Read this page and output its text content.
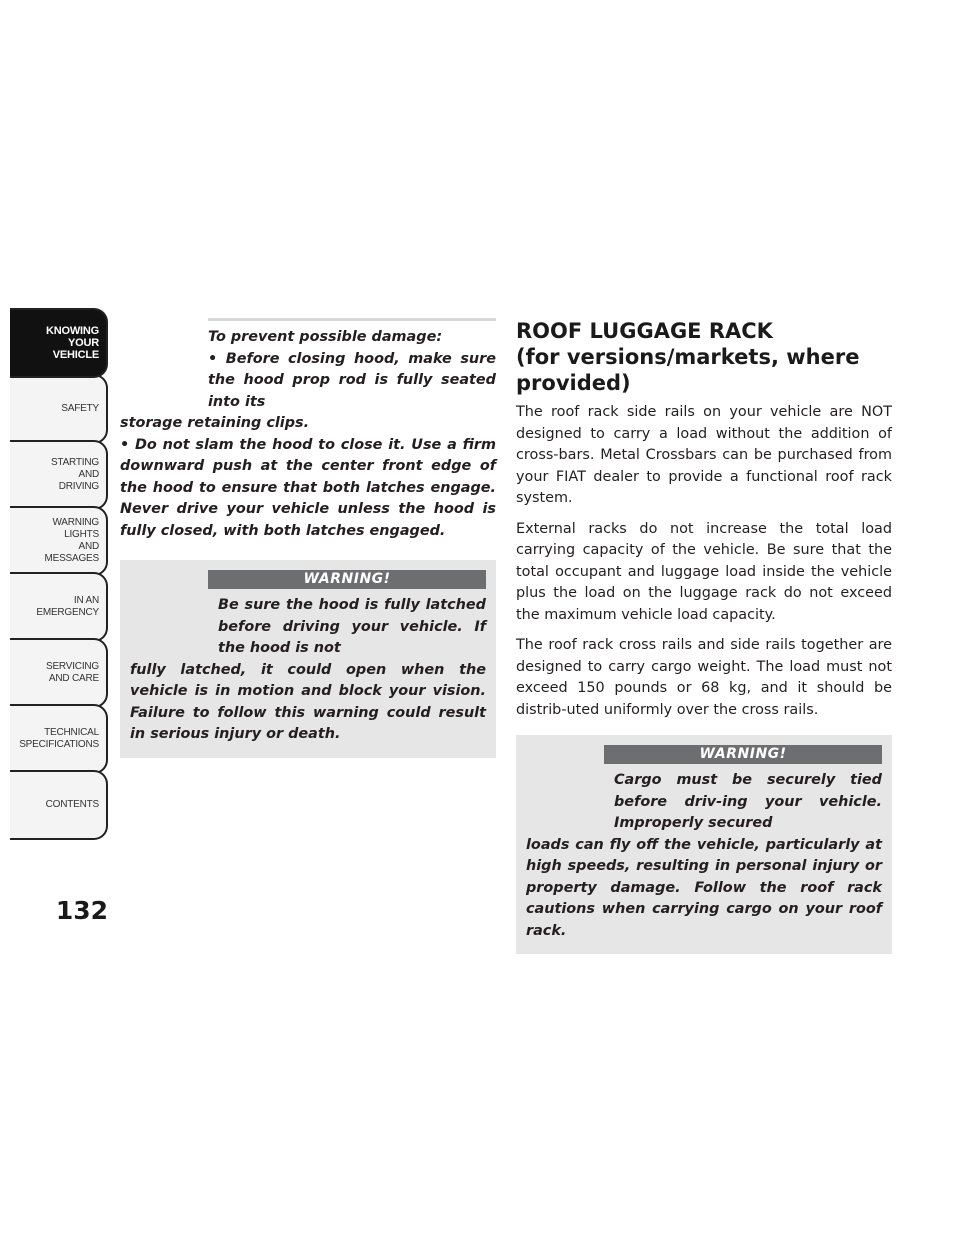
KNOWING
YOUR
VEHICLE
SAFETY
STARTING
AND
DRIVING
WARNING
LIGHTS
AND
MESSAGES
IN AN
EMERGENCY
SERVICING
AND CARE
TECHNICAL
SPECIFICATIONS
CONTENTS
132

To prevent possible damage:

• Before closing hood, make sure the hood prop rod is fully seated into its

storage retaining clips.

• Do not slam the hood to close it. Use a firm downward push at the center front edge of the hood to ensure that both latches engage. Never drive your vehicle unless the hood is fully closed, with both latches engaged.

WARNING!

Be sure the hood is fully latched before driving your vehicle. If the hood is not

fully latched, it could open when the vehicle is in motion and block your vision. Failure to follow this warning could result in serious injury or death.

ROOF LUGGAGE RACK
(for versions/markets, where provided)

The roof rack side rails on your vehicle are NOT designed to carry a load without the addition of cross-bars. Metal Crossbars can be purchased from your FIAT dealer to provide a functional roof rack system.

External racks do not increase the total load carrying capacity of the vehicle. Be sure that the total occupant and luggage load inside the vehicle plus the load on the luggage rack do not exceed the maximum vehicle load capacity.

The roof rack cross rails and side rails together are designed to carry cargo weight. The load must not exceed 150 pounds or 68 kg, and it should be distrib-uted uniformly over the cross rails.

WARNING!

Cargo must be securely tied before driv-ing your vehicle. Improperly secured

loads can fly off the vehicle, particularly at high speeds, resulting in personal injury or property damage. Follow the roof rack cautions when carrying cargo on your roof rack.
